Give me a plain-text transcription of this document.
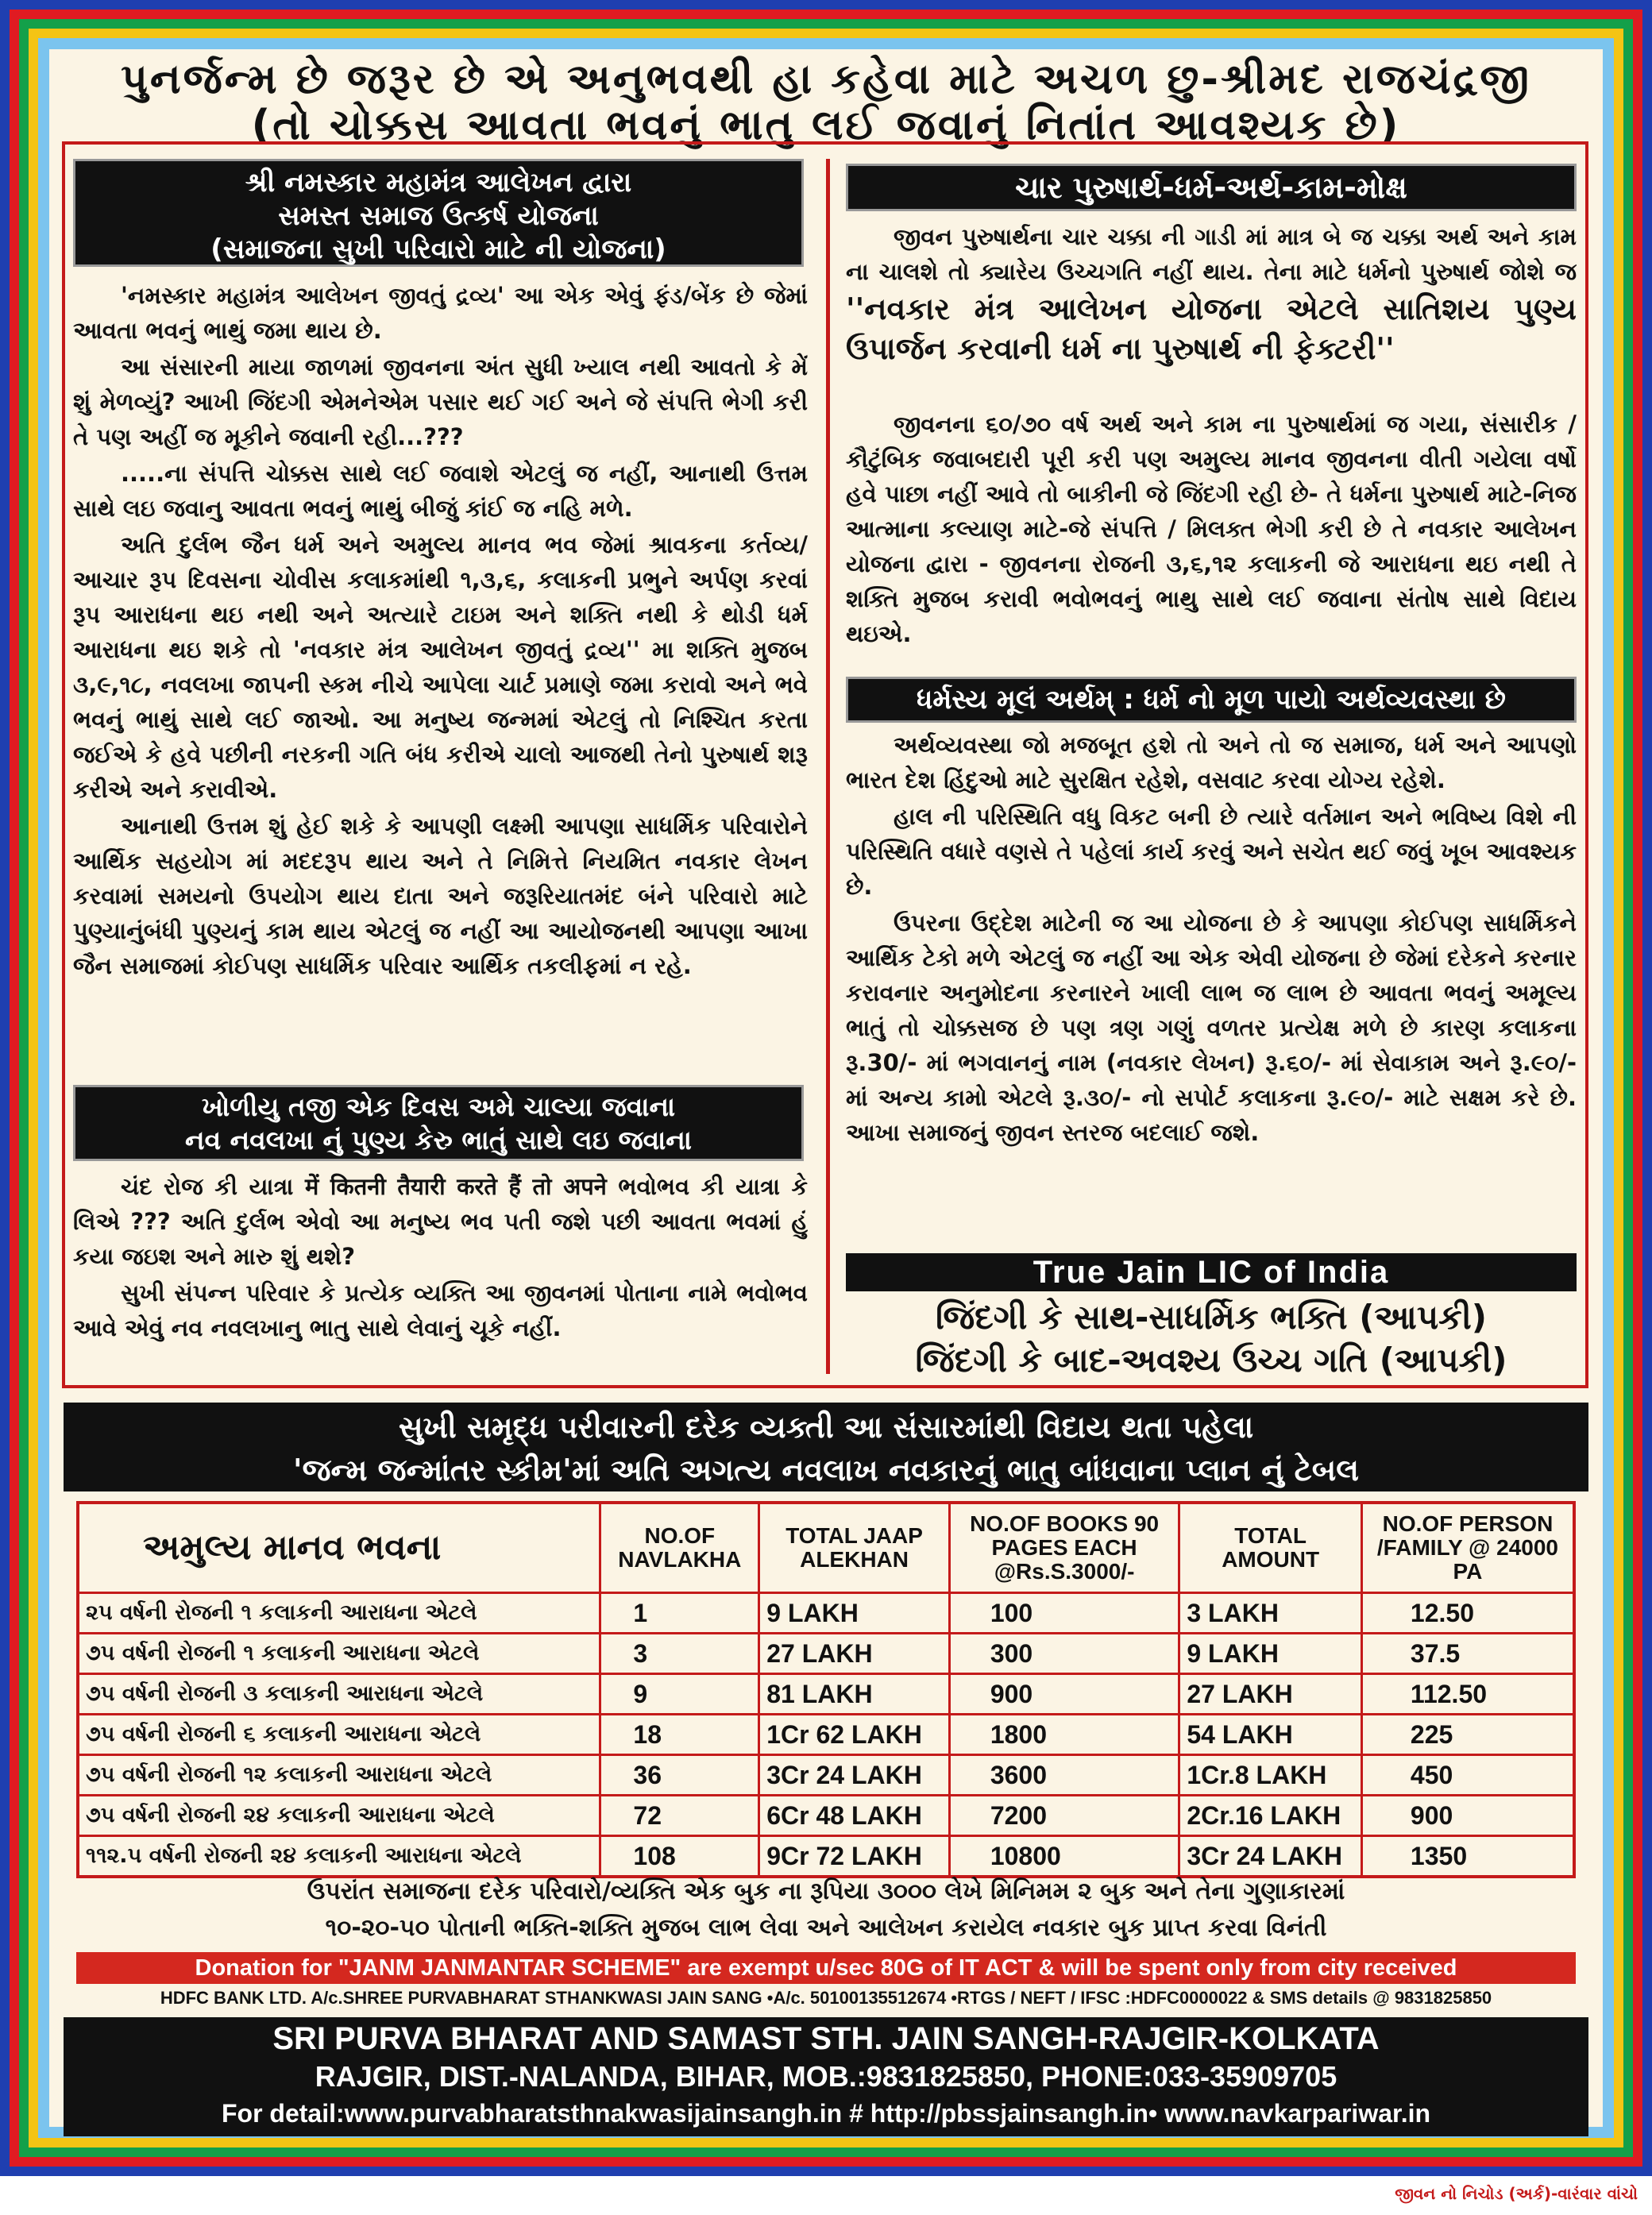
પુનર્જન્મ છે જરૂર છે એ અનુભવથી હા કહેવા માટે અચળ છુ-શ્રીમદ રાજચંદ્રજી
(તો ચોક્કસ આવતા ભવનું ભાતુ લઈ જવાનું નિતાંત આવશ્યક છે)
શ્રી નમસ્કાર મહામંત્ર આલેખન દ્વારા
સમસ્ત સમાજ ઉત્કર્ષ યોજના
(સમાજના સુખી પરિવારો માટે ની યોજના)

'નમસ્કાર મહામંત્ર આલેખન જીવતું દ્રવ્ય' આ એક એવું ફંડ/બેંક છે જેમાં આવતા ભવનું ભાથું જમા થાય છે.

આ સંસારની માયા જાળમાં જીવનના અંત સુધી ખ્યાલ નથી આવતો કે મેં શું મેળવ્યું? આખી જિંદગી એમનેએમ પસાર થઈ ગઈ અને જે સંપત્તિ ભેગી કરી તે પણ અહીં જ મૂકીને જવાની રહી...???

.....ના સંપત્તિ ચોક્કસ સાથે લઈ જવાશે એટલું જ નહીં, આનાથી ઉત્તમ સાથે લઇ જવાનુ આવતા ભવનું ભાથું બીજું કાંઈ જ નહિ મળે.

અતિ દુર્લભ જૈન ધર્મ અને અમુલ્ય માનવ ભવ જેમાં શ્રાવકના કર્તવ્ય/આચાર રૂપ દિવસના ચોવીસ કલાકમાંથી ૧,૩,૬, કલાકની પ્રભુને અર્પણ કરવાં રૂપ આરાધના થઇ નથી અને અત્યારે ટાઇમ અને શક્તિ નથી કે થોડી ધર્મ આરાધના થઇ શકે તો 'નવકાર મંત્ર આલેખન જીવતું દ્રવ્ય'' મા શક્તિ મુજબ ૩,૯,૧૮, નવલખા જાપની સ્કમ નીચે આપેલા ચાર્ટ પ્રમાણે જમા કરાવો અને ભવે ભવનું ભાથું સાથે લઈ જાઓ. આ મનુષ્ય જન્મમાં એટલું તો નિશ્ચિત કરતા જઈએ કે હવે પછીની નરકની ગતિ બંધ કરીએ ચાલો આજથી તેનો પુરુષાર્થ શરૂ કરીએ અને કરાવીએ.

આનાથી ઉત્તમ શું હેઈ શકે કે આપણી લક્ષ્મી આપણા સાધર્મિક પરિવારોને આર્થિક સહયોગ માં મદદરૂપ થાય અને તે નિમિત્તે નિયમિત નવકાર લેખન કરવામાં સમયનો ઉપયોગ થાય દાતા અને જરૂરિયાતમંદ બંને પરિવારો માટે પુણ્યાનુંબંધી પુણ્યનું કામ થાય એટલું જ નહીં આ આયોજનથી આપણા આખા જૈન સમાજમાં કોઈપણ સાધર્મિક પરિવાર આર્થિક તકલીફમાં ન રહે.

ખોળીયુ તજી એક દિવસ અમે ચાલ્યા જવાના
નવ નવલખા નું પુણ્ય કેરુ ભાતું સાથે લઇ જવાના

ચંદ રોજ કી યાત્રા में कितनी तैयारी करते हैं तो अपने ભવોભવ કી યાત્રા કે લિએ ??? અતિ દુર્લભ એવો આ મનુષ્ય ભવ પતી જશે પછી આવતા ભવમાં હું કયા જઇશ અને મારુ શું થશે?

સુખી સંપન્ન પરિવાર કે પ્રત્યેક વ્યક્તિ આ જીવનમાં પોતાના નામે ભવોભવ આવે એવું નવ નવલખાનુ ભાતુ સાથે લેવાનું ચૂકે નહીં.

ચાર પુરુષાર્થ-ધર્મ-અર્થ-કામ-મોક્ષ

જીવન પુરુષાર્થના ચાર ચક્કા ની ગાડી માં માત્ર બે જ ચક્કા અર્થ અને કામ ના ચાલશે તો ક્યારેય ઉચ્ચગતિ નહીં થાય. તેના માટે ધર્મનો પુરુષાર્થ જોશે જ ''નવકાર મંત્ર આલેખન યોજના એટલે સાતિશય પુણ્ય ઉપાર્જન કરવાની ધર્મ ના પુરુષાર્થ ની ફેક્ટરી''

જીવનના ૬૦/૭૦ વર્ષ અર્થ અને કામ ના પુરુષાર્થમાં જ ગયા, સંસારીક / કૌટુંબિક જવાબદારી પૂરી કરી પણ અમુલ્ય માનવ જીવનના વીતી ગયેલા વર્ષો હવે પાછા નહીં આવે તો બાકીની જે જિંદગી રહી છે- તે ધર્મના પુરુષાર્થ માટે-નિજ આત્માના કલ્યાણ માટે-જે સંપત્તિ / મિલક્ત ભેગી કરી છે તે નવકાર આલેખન યોજના દ્વારા - જીવનના રોજની ૩,૬,૧૨ કલાકની જે આરાધના થઇ નથી તે શક્તિ મુજબ કરાવી ભવોભવનું ભાથુ સાથે લઈ જવાના સંતોષ સાથે વિદાય થઇએ.

ધર્મસ્ય મૂલં અર્થમ્ : ધર્મ નો મૂળ પાયો અર્થવ્યવસ્થા છે

અર્થવ્યવસ્થા જો મજબૂત હશે તો અને તો જ સમાજ, ધર્મ અને આપણો ભારત દેશ હિંદુઓ માટે સુરક્ષિત રહેશે, વસવાટ કરવા યોગ્ય રહેશે.

હાલ ની પરિસ્થિતિ વધુ વિકટ બની છે ત્યારે વર્તમાન અને ભવિષ્ય વિશે ની પરિસ્થિતિ વધારે વણસે તે પહેલાં કાર્ય કરવું અને સચેત થઈ જવું ખૂબ આવશ્યક છે.

ઉપરના ઉદ્દેશ માટેની જ આ યોજના છે કે આપણા કોઈપણ સાધર્મિકને આર્થિક ટેકો મળે એટલું જ નહીં આ એક એવી યોજના છે જેમાં દરેકને કરનાર કરાવનાર અનુમોદના કરનારને ખાલી લાભ જ લાભ છે આવતા ભવનું અમૂલ્ય ભાતું તો ચોક્કસજ છે પણ ત્રણ ગણું વળતર પ્રત્યેક્ષ મળે છે કારણ કલાકના રૂ.30/- માં ભગવાનનું નામ (નવકાર લેખન) રૂ.૬૦/- માં સેવાકામ અને રૂ.૯૦/- માં અન્ય કામો એટલે રૂ.૩૦/- નો સપોર્ટ કલાકના રૂ.૯૦/- માટે સક્ષમ કરે છે. આખા સમાજનું જીવન સ્તરજ બદલાઈ જશે.

True Jain LIC of India
જિંદગી કે સાથ-સાધર્મિક ભક્તિ (આપકી)
જિંદગી કે બાદ-અવશ્ય ઉચ્ચ ગતિ (આપકી)
સુખી સમૃદ્ધ પરીવારની દરેક વ્યક્તી આ સંસારમાંથી વિદાય થતા પહેલા
'જન્મ જન્માંતર સ્કીમ'માં અતિ અગત્ય નવલાખ નવકારનું ભાતુ બાંધવાના પ્લાન નું ટેબલ
અમુલ્ય માનવ ભવના	NO.OF NAVLAKHA	TOTAL JAAP ALEKHAN	NO.OF BOOKS 90 PAGES EACH @Rs.S.3000/-	TOTAL AMOUNT	NO.OF PERSON /FAMILY @ 24000 PA
૨૫ વર્ષની રોજની ૧ કલાકની આરાધના એટલે	1	9 LAKH	100	3 LAKH	12.50
૭૫ વર્ષની રોજની ૧ કલાકની આરાધના એટલે	3	27 LAKH	300	9 LAKH	37.5
૭૫ વર્ષની રોજની ૩ કલાકની આરાધના એટલે	9	81 LAKH	900	27 LAKH	112.50
૭૫ વર્ષની રોજની ૬ કલાકની આરાધના એટલે	18	1Cr 62 LAKH	1800	54 LAKH	225
૭૫ વર્ષની રોજની ૧૨ કલાકની આરાધના એટલે	36	3Cr 24 LAKH	3600	1Cr.8 LAKH	450
૭૫ વર્ષની રોજની ૨૪ કલાકની આરાધના એટલે	72	6Cr 48 LAKH	7200	2Cr.16 LAKH	900
૧૧૨.૫ વર્ષની રોજની ૨૪ કલાકની આરાધના એટલે	108	9Cr 72 LAKH	10800	3Cr 24 LAKH	1350
ઉપરાંત સમાજના દરેક પરિવારો/વ્યક્તિ એક બુક ના રૂપિયા ૩૦૦૦ લેખે મિનિમમ ૨ બુક અને તેના ગુણાકારમાં
૧૦-૨૦-૫૦ પોતાની ભક્તિ-શક્તિ મુજબ લાભ લેવા અને આલેખન કરાયેલ નવકાર બુક પ્રાપ્ત કરવા વિનંતી
Donation for "JANM JANMANTAR SCHEME" are exempt u/sec 80G of IT ACT & will be spent only from city received
HDFC BANK LTD. A/c.SHREE PURVABHARAT STHANKWASI JAIN SANG •A/c. 50100135512674 •RTGS / NEFT / IFSC :HDFC0000022 & SMS details @ 9831825850
SRI PURVA BHARAT AND SAMAST STH. JAIN SANGH-RAJGIR-KOLKATA
RAJGIR, DIST.-NALANDA, BIHAR, MOB.:9831825850, PHONE:033-35909705
For detail:www.purvabharatsthnakwasijainsangh.in # http://pbssjainsangh.in• www.navkarpariwar.in
જીવન નો નિચોડ (અર્ક)-વારંવાર વાંચો
